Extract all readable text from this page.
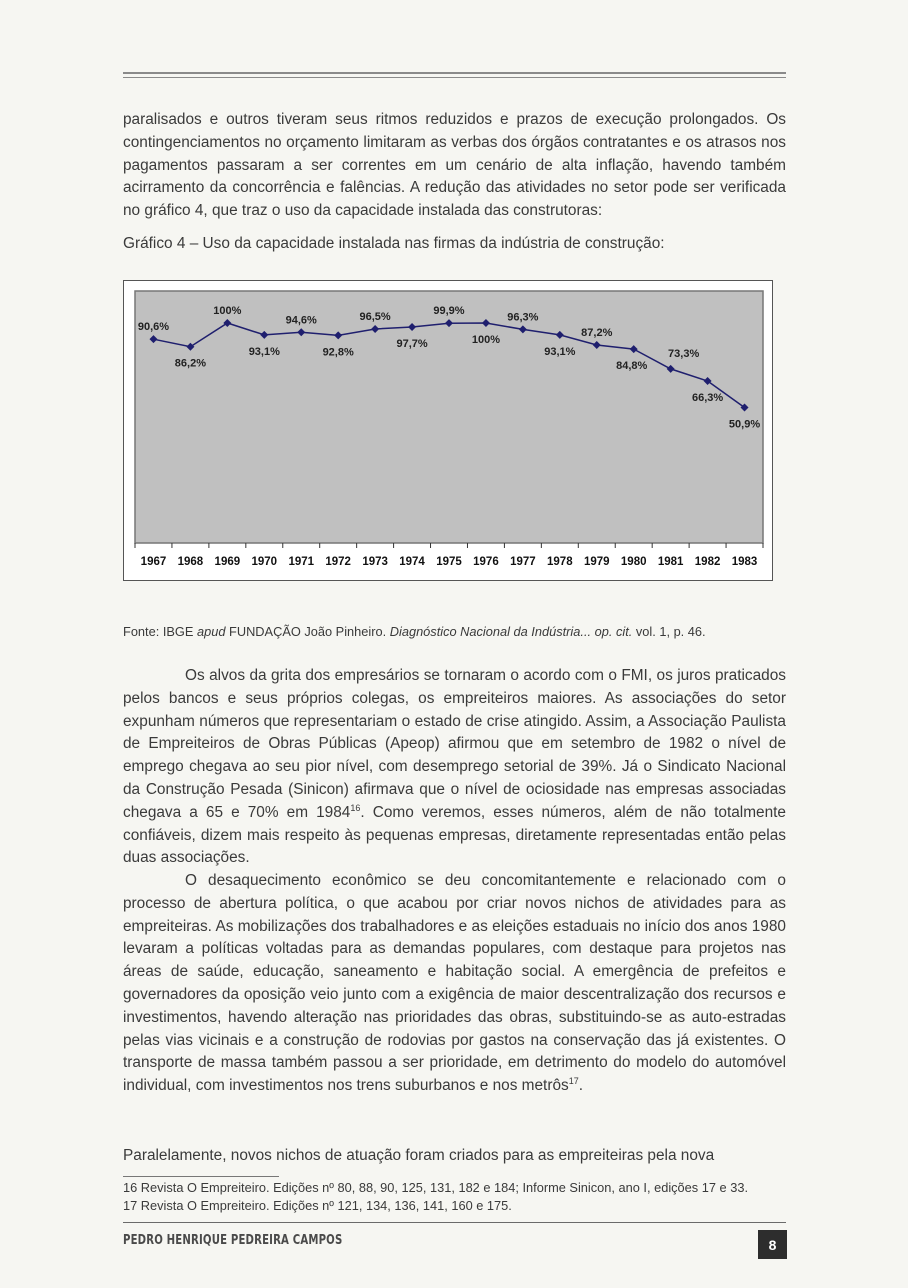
paralisados e outros tiveram seus ritmos reduzidos e prazos de execução prolongados. Os contingenciamentos no orçamento limitaram as verbas dos órgãos contratantes e os atrasos nos pagamentos passaram a ser correntes em um cenário de alta inflação, havendo também acirramento da concorrência e falências. A redução das atividades no setor pode ser verificada no gráfico 4, que traz o uso da capacidade instalada das construtoras:

Gráfico 4 – Uso da capacidade instalada nas firmas da indústria de construção:

90,6%
86,2%
100%
93,1%
94,6%
92,8%
96,5%
97,7%
99,9%
100%
96,3%
93,1%
87,2%
84,8%
73,3%
66,3%
50,9%
1967 1968 1969 1970 1971 1972 1973 1974 1975 1976 1977 1978 1979 1980 1981 1982 1983

Fonte: IBGE apud FUNDAÇÃO João Pinheiro. Diagnóstico Nacional da Indústria... op. cit. vol. 1, p. 46.

Os alvos da grita dos empresários se tornaram o acordo com o FMI, os juros praticados pelos bancos e seus próprios colegas, os empreiteiros maiores. As associações do setor expunham números que representariam o estado de crise atingido. Assim, a Associação Paulista de Empreiteiros de Obras Públicas (Apeop) afirmou que em setembro de 1982 o nível de emprego chegava ao seu pior nível, com desemprego setorial de 39%. Já o Sindicato Nacional da Construção Pesada (Sinicon) afirmava que o nível de ociosidade nas empresas associadas chegava a 65 e 70% em 1984$^{16}$. Como veremos, esses números, além de não totalmente confiáveis, dizem mais respeito às pequenas empresas, diretamente representadas então pelas duas associações.

O desaquecimento econômico se deu concomitantemente e relacionado com o processo de abertura política, o que acabou por criar novos nichos de atividades para as empreiteiras. As mobilizações dos trabalhadores e as eleições estaduais no início dos anos 1980 levaram a políticas voltadas para as demandas populares, com destaque para projetos nas áreas de saúde, educação, saneamento e habitação social. A emergência de prefeitos e governadores da oposição veio junto com a exigência de maior descentralização dos recursos e investimentos, havendo alteração nas prioridades das obras, substituindo-se as auto-estradas pelas vias vicinais e a construção de rodovias por gastos na conservação das já existentes. O transporte de massa também passou a ser prioridade, em detrimento do modelo do automóvel individual, com investimentos nos trens suburbanos e nos metrôs$^{17}$.

Paralelamente, novos nichos de atuação foram criados para as empreiteiras pela nova

16 Revista O Empreiteiro. Edições nº 80, 88, 90, 125, 131, 182 e 184; Informe Sinicon, ano I, edições 17 e 33.
17 Revista O Empreiteiro. Edições nº 121, 134, 136, 141, 160 e 175.
PEDRO HENRIQUE PEDREIRA CAMPOS	8
